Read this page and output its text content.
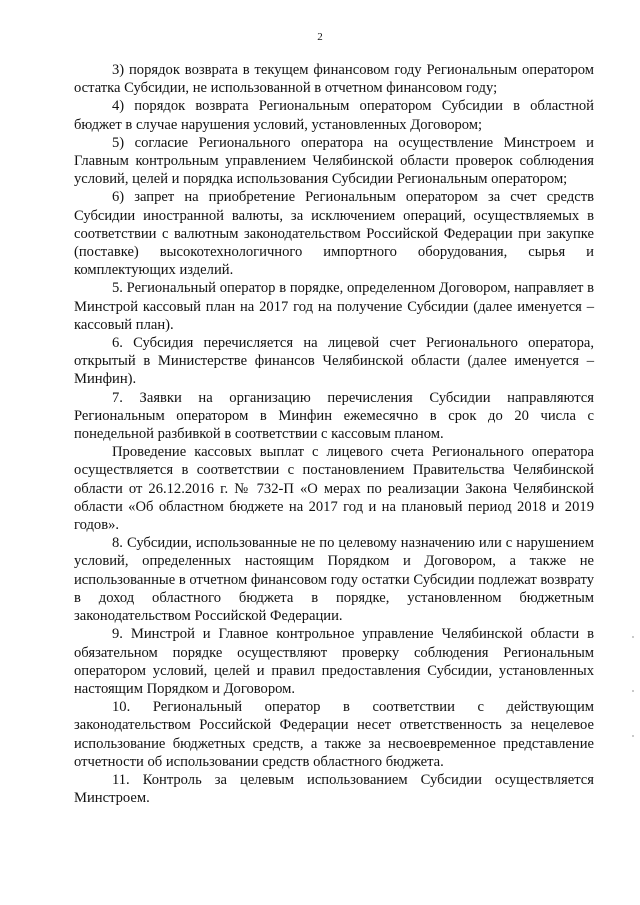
2

3) порядок возврата в текущем финансовом году Региональным оператором остатка Субсидии, не использованной в отчетном финансовом году;

4) порядок возврата Региональным оператором Субсидии в областной бюджет в случае нарушения условий, установленных Договором;

5) согласие Регионального оператора на осуществление Минстроем и Главным контрольным управлением Челябинской области проверок соблюдения условий, целей и порядка использования Субсидии Региональным оператором;

6) запрет на приобретение Региональным оператором за счет средств Субсидии иностранной валюты, за исключением операций, осуществляемых в соответствии с валютным законодательством Российской Федерации при закупке (поставке) высокотехнологичного импортного оборудования, сырья и комплектующих изделий.

5. Региональный оператор в порядке, определенном Договором, направляет в Минстрой кассовый план на 2017 год на получение Субсидии (далее именуется – кассовый план).

6. Субсидия перечисляется на лицевой счет Регионального оператора, открытый в Министерстве финансов Челябинской области (далее именуется – Минфин).

7. Заявки на организацию перечисления Субсидии направляются Региональным оператором в Минфин ежемесячно в срок до 20 числа с понедельной разбивкой в соответствии с кассовым планом.

Проведение кассовых выплат с лицевого счета Регионального оператора осуществляется в соответствии с постановлением Правительства Челябинской области от 26.12.2016 г. № 732-П «О мерах по реализации Закона Челябинской области «Об областном бюджете на 2017 год и на плановый период 2018 и 2019 годов».

8. Субсидии, использованные не по целевому назначению или с нарушением условий, определенных настоящим Порядком и Договором, а также не использованные в отчетном финансовом году остатки Субсидии подлежат возврату в доход областного бюджета в порядке, установленном бюджетным законодательством Российской Федерации.

9. Минстрой и Главное контрольное управление Челябинской области в обязательном порядке осуществляют проверку соблюдения Региональным оператором условий, целей и правил предоставления Субсидии, установленных настоящим Порядком и Договором.

10. Региональный оператор в соответствии с действующим законодательством Российской Федерации несет ответственность за нецелевое использование бюджетных средств, а также за несвоевременное представление отчетности об использовании средств областного бюджета.

11. Контроль за целевым использованием Субсидии осуществляется Минстроем.
